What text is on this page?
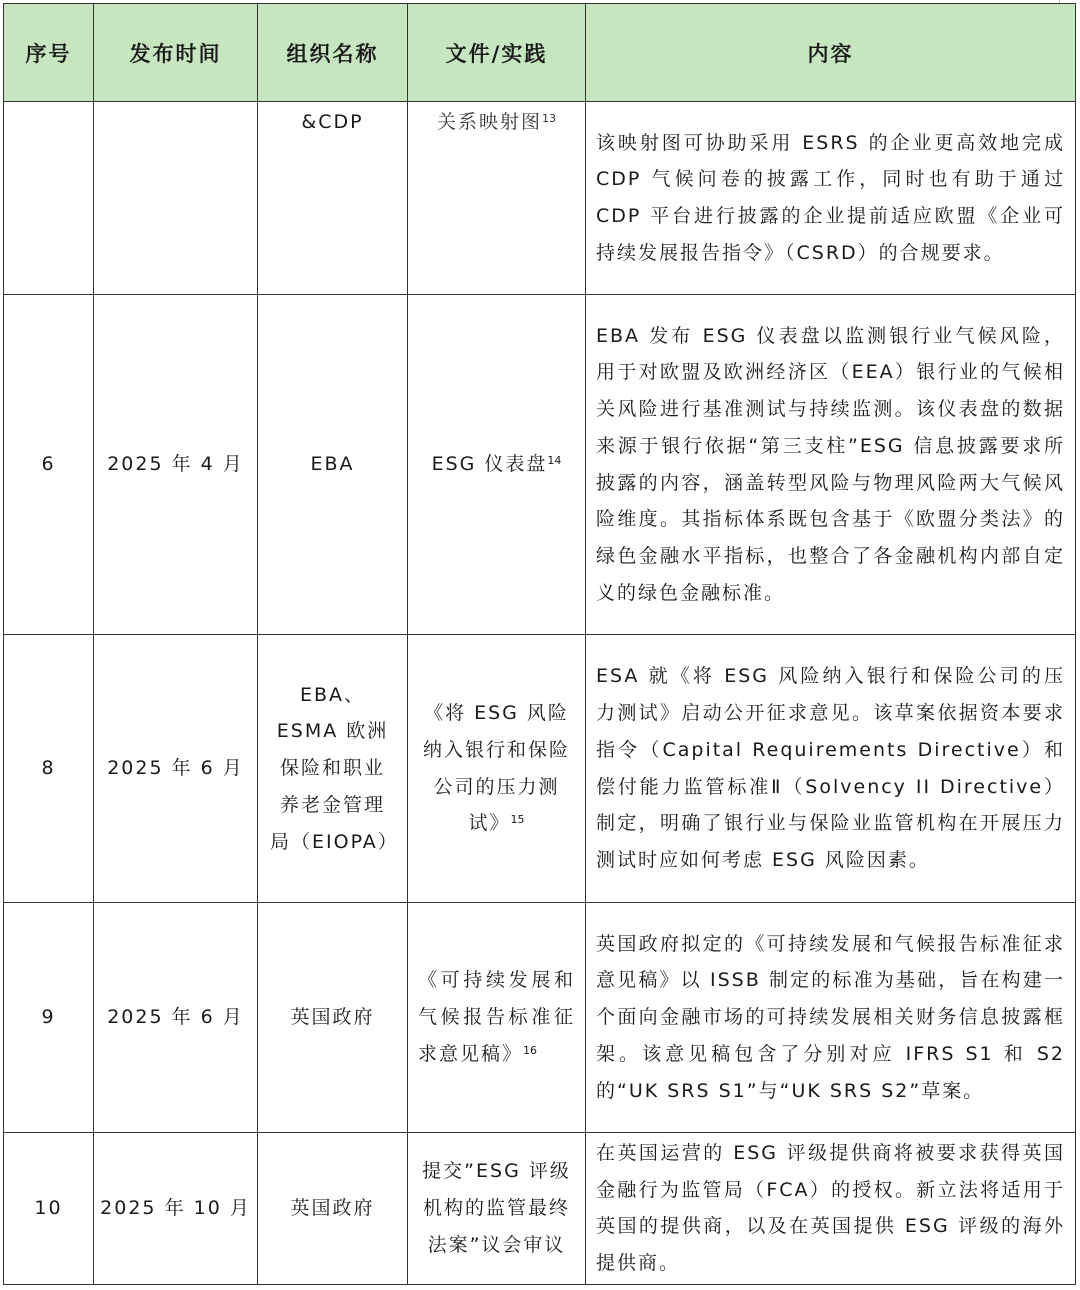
序号	发布时间	组织名称	文件/实践	内容
		&CDP	关系映射图$^{13}$	该映射图可协助采用 ESRS 的企业更高效地完成 CDP 气候问卷的披露工作，同时也有助于通过 CDP 平台进行披露的企业提前适应欧盟《企业可持续发展报告指令》（CSRD）的合规要求。
6	2025 年 4 月	EBA	ESG 仪表盘$^{14}$	EBA 发布 ESG 仪表盘以监测银行业气候风险，用于对欧盟及欧洲经济区（EEA）银行业的气候相关风险进行基准测试与持续监测。该仪表盘的数据来源于银行依据“第三支柱”ESG 信息披露要求所披露的内容，涵盖转型风险与物理风险两大气候风险维度。其指标体系既包含基于《欧盟分类法》的绿色金融水平指标，也整合了各金融机构内部自定义的绿色金融标准。
8	2025 年 6 月	EBA、ESMA 欧洲保险和职业养老金管理局（EIOPA）	《将 ESG 风险纳入银行和保险公司的压力测试》$^{15}$	ESA 就《将 ESG 风险纳入银行和保险公司的压力测试》启动公开征求意见。该草案依据资本要求指令（Capital Requirements Directive）和偿付能力监管标准Ⅱ（Solvency II Directive）制定，明确了银行业与保险业监管机构在开展压力测试时应如何考虑 ESG 风险因素。
9	2025 年 6 月	英国政府	《可持续发展和气候报告标准征求意见稿》$^{16}$	英国政府拟定的《可持续发展和气候报告标准征求意见稿》以 ISSB 制定的标准为基础，旨在构建一个面向金融市场的可持续发展相关财务信息披露框架。该意见稿包含了分别对应 IFRS S1 和 S2 的“UK SRS S1”与“UK SRS S2”草案。
10	2025 年 10 月	英国政府	提交”ESG 评级机构的监管最终法案”议会审议	在英国运营的 ESG 评级提供商将被要求获得英国金融行为监管局（FCA）的授权。新立法将适用于英国的提供商，以及在英国提供 ESG 评级的海外提供商。
